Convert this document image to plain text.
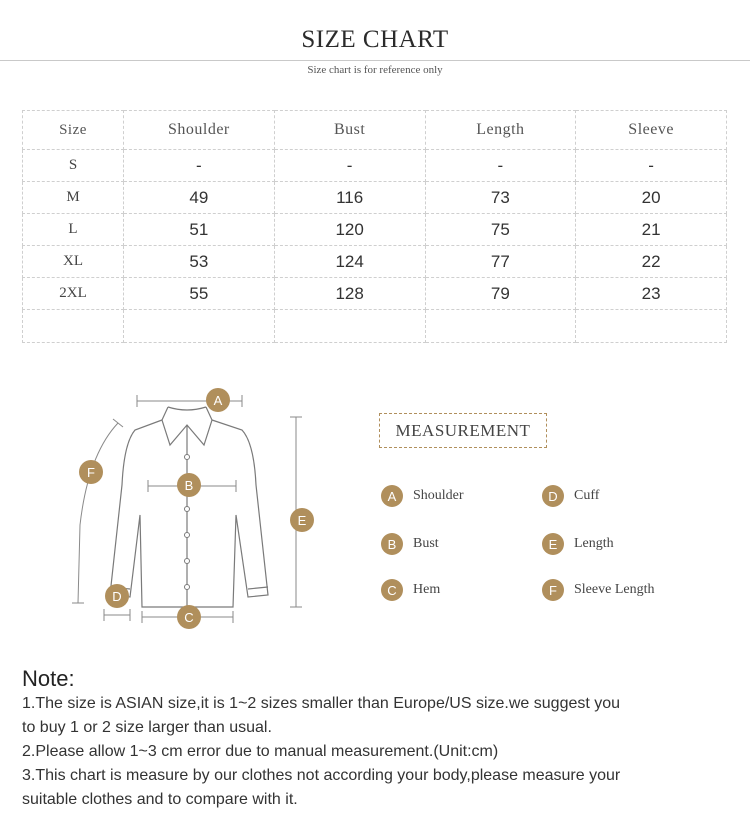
SIZE CHART
Size chart is for reference only
Size	Shoulder	Bust	Length	Sleeve
S	-	-	-	-
M	49	116	73	20
L	51	120	75	21
XL	53	124	77	22
2XL	55	128	79	23

A
B
C
D
E
F
MEASUREMENT
A	Shoulder
B	Bust
C	Hem
D	Cuff
E	Length
F	Sleeve Length
Note:

1.The size is ASIAN size,it is 1~2 sizes smaller than Europe/US size.we suggest you

to buy 1 or 2 size larger than usual.

2.Please allow 1~3 cm error due to manual measurement.(Unit:cm)

3.This chart is measure by our clothes not according your body,please measure your

suitable clothes and to compare with it.
